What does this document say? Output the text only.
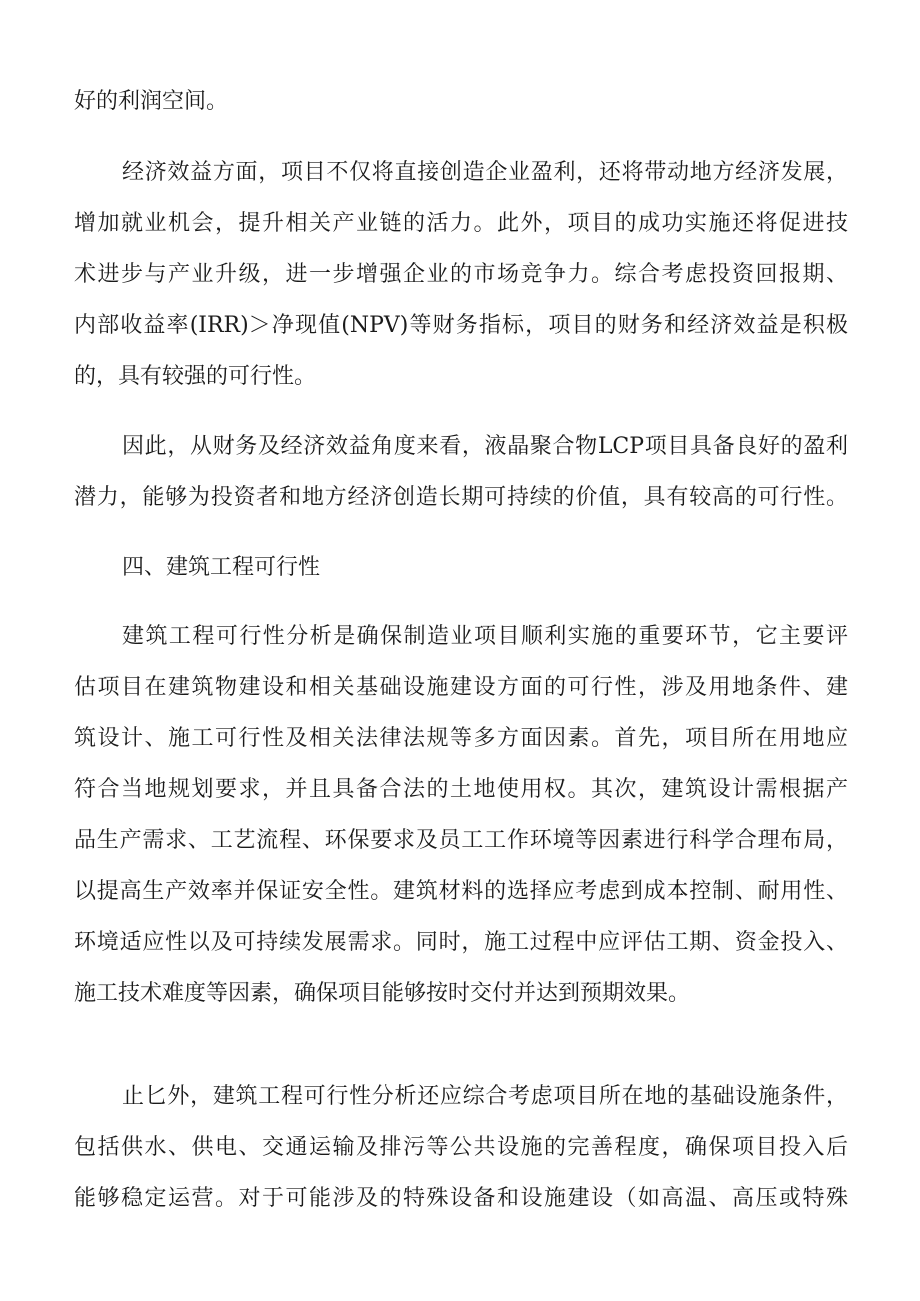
好的利润空间。
经济效益方面，项目不仅将直接创造企业盈利，还将带动地方经济发展，
增加就业机会，提升相关产业链的活力。此外，项目的成功实施还将促进技
术进步与产业升级，进一步增强企业的市场竞争力。综合考虑投资回报期、
内部收益率(IRR)＞净现值(NPV)等财务指标，项目的财务和经济效益是积极
的，具有较强的可行性。
因此，从财务及经济效益角度来看，液晶聚合物LCP项目具备良好的盈利
潜力，能够为投资者和地方经济创造长期可持续的价值，具有较高的可行性。
四、建筑工程可行性
建筑工程可行性分析是确保制造业项目顺利实施的重要环节，它主要评
估项目在建筑物建设和相关基础设施建设方面的可行性，涉及用地条件、建
筑设计、施工可行性及相关法律法规等多方面因素。首先，项目所在用地应
符合当地规划要求，并且具备合法的土地使用权。其次，建筑设计需根据产
品生产需求、工艺流程、环保要求及员工工作环境等因素进行科学合理布局，
以提高生产效率并保证安全性。建筑材料的选择应考虑到成本控制、耐用性、
环境适应性以及可持续发展需求。同时，施工过程中应评估工期、资金投入、
施工技术难度等因素，确保项目能够按时交付并达到预期效果。
止匕外，建筑工程可行性分析还应综合考虑项目所在地的基础设施条件，
包括供水、供电、交通运输及排污等公共设施的完善程度，确保项目投入后
能够稳定运营。对于可能涉及的特殊设备和设施建设（如高温、高压或特殊
